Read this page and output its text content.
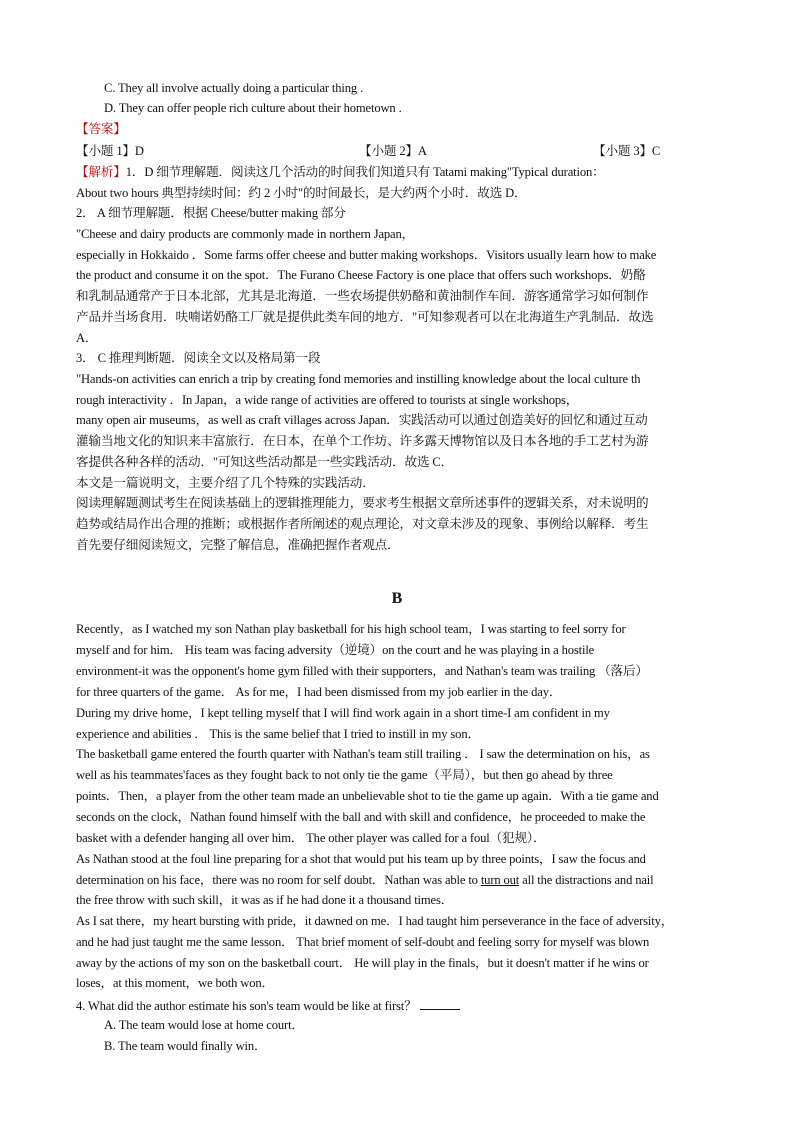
C. They all involve actually doing a particular thing .
D. They can offer people rich culture about their hometown .
【答案】
【小题 1】D	【小题 2】A	【小题 3】C
【解析】1．D 细节理解题．阅读这几个活动的时间我们知道只有 Tatami making"Typical duration：
About two hours 典型持续时间：约 2 小时"的时间最长，是大约两个小时．故选 D．
2． A 细节理解题．根据 Cheese/butter making 部分
"Cheese and dairy products are commonly made in northern Japan，
especially in Hokkaido ．Some farms offer cheese and butter making workshops．Visitors usually learn how to make
the product and consume it on the spot．The Furano Cheese Factory is one place that offers such workshops．奶酪
和乳制品通常产于日本北部，尤其是北海道．一些农场提供奶酪和黄油制作车间．游客通常学习如何制作
产品并当场食用．呋喃诺奶酪工厂就是提供此类车间的地方．"可知参观者可以在北海道生产乳制品．故选
A．
3． C 推理判断题．阅读全文以及格局第一段
"Hands-on activities can enrich a trip by creating fond memories and instilling knowledge about the local culture th
rough interactivity ．In Japan，a wide range of activities are offered to tourists at single workshops，
many open air museums，as well as craft villages across Japan．实践活动可以通过创造美好的回忆和通过互动
灌输当地文化的知识来丰富旅行．在日本，在单个工作坊、许多露天博物馆以及日本各地的手工艺村为游
客提供各种各样的活动．"可知这些活动都是一些实践活动．故选 C．
本文是一篇说明文，主要介绍了几个特殊的实践活动．
阅读理解题测试考生在阅读基础上的逻辑推理能力，要求考生根据文章所述事件的逻辑关系，对未说明的
趋势或结局作出合理的推断；或根据作者所阐述的观点理论，对文章未涉及的现象、事例给以解释．考生
首先要仔细阅读短文，完整了解信息，准确把握作者观点．
B
Recently，as I watched my son Nathan play basketball for his high school team，I was starting to feel sorry for
myself and for him． His team was facing adversity（逆境）on the court and he was playing in a hostile
environment-it was the opponent's home gym filled with their supporters，and Nathan's team was trailing （落后）
for three quarters of the game． As for me，I had been dismissed from my job earlier in the day．
During my drive home，I kept telling myself that I will find work again in a short time-I am confident in my
experience and abilities ． This is the same belief that I tried to instill in my son．
The basketball game entered the fourth quarter with Nathan's team still trailing ． I saw the determination on his，as
well as his teammates'faces as they fought back to not only tie the game（平局），but then go ahead by three
points．Then，a player from the other team made an unbelievable shot to tie the game up again．With a tie game and
seconds on the clock，Nathan found himself with the ball and with skill and confidence，he proceeded to make the
basket with a defender hanging all over him． The other player was called for a foul（犯规）．
As Nathan stood at the foul line preparing for a shot that would put his team up by three points，I saw the focus and
determination on his face，there was no room for self doubt．Nathan was able to turn out all the distractions and nail
the free throw with such skill，it was as if he had done it a thousand times．
As I sat there，my heart bursting with pride，it dawned on me．I had taught him perseverance in the face of adversity，
and he had just taught me the same lesson． That brief moment of self-doubt and feeling sorry for myself was blown
away by the actions of my son on the basketball court． He will play in the finals，but it doesn't matter if he wins or
loses，at this moment，we both won．
4. What did the author estimate his son's team would be like at first？
A. The team would lose at home court．
B. The team would finally win．
